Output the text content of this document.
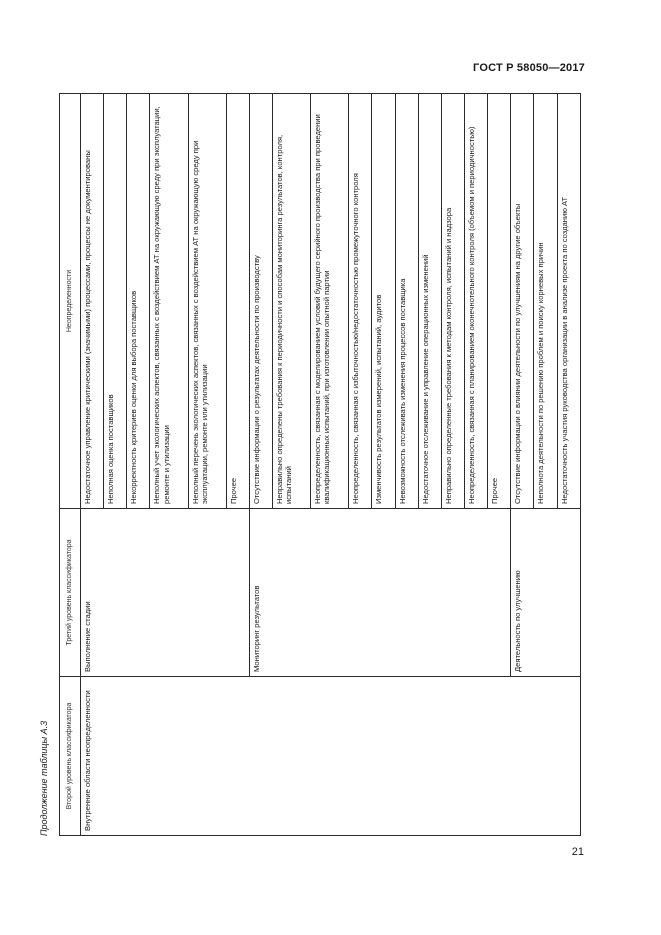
ГОСТ Р 58050—2017
Продолжение таблицы А.3 Второй уровень классификатора	Третий уровень классификатора	Неопределенности
Внутренние области неопределенности	Выполнение стадии	Недостаточное управление критическими (значимыми) процессами, процессы не документированы
		Неполная оценка поставщиков
		Некорректность критериев оценки для выбора поставщиков
		Неполный учет экологических аспектов, связанных с воздействием АТ на окружающую среду при эксплуатации, ремонте и утилизации
		Неполный перечень экологических аспектов, связанных с воздействием АТ на окружающую среду при эксплуатации, ремонте или утилизации
		Прочее
	Мониторинг результатов	Отсутствие информации о результатах деятельности по производству
		Неправильно определены требования к периодичности и способам мониторинга результатов, контроля, испытаний
		Неопределенность, связанная с моделированием условий будущего серийного производства при проведении квалификационных испытаний, при изготовлении опытной партии
		Неопределенность, связанная с избыточностью/недостаточностью промежуточного контроля
		Изменчивость результатов измерений, испытаний, аудитов
		Невозможность отслеживать изменения процессов поставщика
		Недостаточное отслеживание и управление операционных изменений
		Неправильно определенные требования к методам контроля, испытаний и надзора
		Неопределенность, связанная с планированием оконечнотельного контроля (объемом и периодичностью)
		Прочее
	Деятельность по улучшению	Отсутствие информации о влиянии деятельности по улучшениям на другие объекты
		Неполнота деятельности по решению проблем и поиску корневых причин
		Недостаточность участия руководства организации в анализе проекта по созданию АТ
21
